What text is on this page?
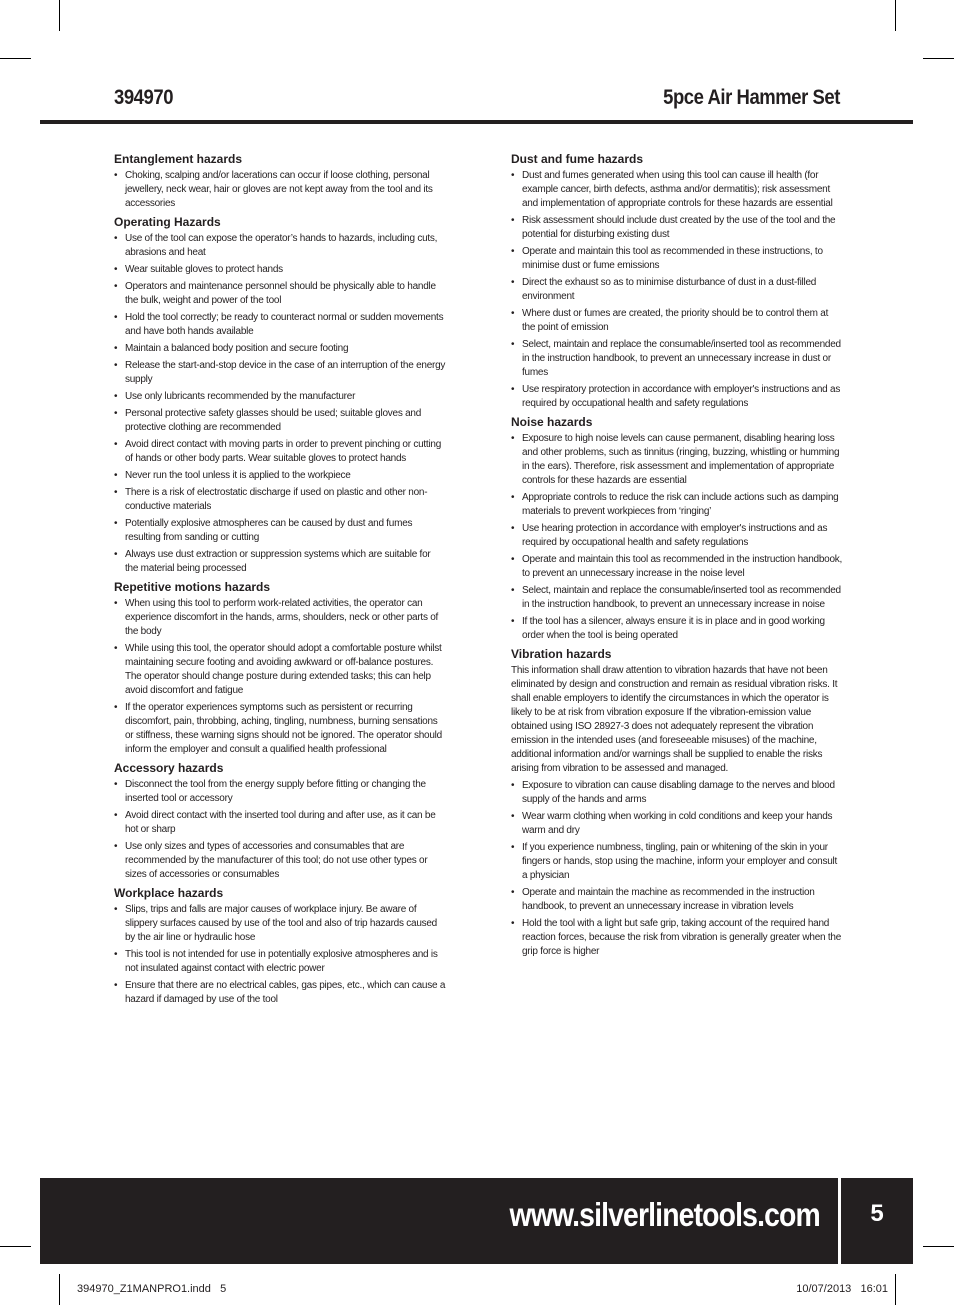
394970	5pce Air Hammer Set
Entanglement hazards
• Choking, scalping and/or lacerations can occur if loose clothing, personal jewellery, neck wear, hair or gloves are not kept away from the tool and its accessories
Operating Hazards
• Use of the tool can expose the operator’s hands to hazards, including cuts, abrasions and heat
• Wear suitable gloves to protect hands
• Operators and maintenance personnel should be physically able to handle the bulk, weight and power of the tool
• Hold the tool correctly; be ready to counteract normal or sudden movements and have both hands available
• Maintain a balanced body position and secure footing
• Release the start-and-stop device in the case of an interruption of the energy supply
• Use only lubricants recommended by the manufacturer
• Personal protective safety glasses should be used; suitable gloves and protective clothing are recommended
• Avoid direct contact with moving parts in order to prevent pinching or cutting of hands or other body parts. Wear suitable gloves to protect hands
• Never run the tool unless it is applied to the workpiece
• There is a risk of electrostatic discharge if used on plastic and other non-conductive materials
• Potentially explosive atmospheres can be caused by dust and fumes resulting from sanding or cutting
• Always use dust extraction or suppression systems which are suitable for the material being processed
Repetitive motions hazards
• When using this tool to perform work-related activities, the operator can experience discomfort in the hands, arms, shoulders, neck or other parts of the body
• While using this tool, the operator should adopt a comfortable posture whilst maintaining secure footing and avoiding awkward or off-balance postures. The operator should change posture during extended tasks; this can help avoid discomfort and fatigue
• If the operator experiences symptoms such as persistent or recurring discomfort, pain, throbbing, aching, tingling, numbness, burning sensations or stiffness, these warning signs should not be ignored. The operator should inform the employer and consult a qualified health professional
Accessory hazards
• Disconnect the tool from the energy supply before fitting or changing the inserted tool or accessory
• Avoid direct contact with the inserted tool during and after use, as it can be hot or sharp
• Use only sizes and types of accessories and consumables that are recommended by the manufacturer of this tool; do not use other types or sizes of accessories or consumables
Workplace hazards
• Slips, trips and falls are major causes of workplace injury. Be aware of slippery surfaces caused by use of the tool and also of trip hazards caused by the air line or hydraulic hose
• This tool is not intended for use in potentially explosive atmospheres and is not insulated against contact with electric power
• Ensure that there are no electrical cables, gas pipes, etc., which can cause a hazard if damaged by use of the tool
Dust and fume hazards
• Dust and fumes generated when using this tool can cause ill health (for example cancer, birth defects, asthma and/or dermatitis); risk assessment and implementation of appropriate controls for these hazards are essential
• Risk assessment should include dust created by the use of the tool and the potential for disturbing existing dust
• Operate and maintain this tool as recommended in these instructions, to minimise dust or fume emissions
• Direct the exhaust so as to minimise disturbance of dust in a dust-filled environment
• Where dust or fumes are created, the priority should be to control them at the point of emission
• Select, maintain and replace the consumable/inserted tool as recommended in the instruction handbook, to prevent an unnecessary increase in dust or fumes
• Use respiratory protection in accordance with employer's instructions and as required by occupational health and safety regulations
Noise hazards
• Exposure to high noise levels can cause permanent, disabling hearing loss and other problems, such as tinnitus (ringing, buzzing, whistling or humming in the ears). Therefore, risk assessment and implementation of appropriate controls for these hazards are essential
• Appropriate controls to reduce the risk can include actions such as damping materials to prevent workpieces from ‘ringing’
• Use hearing protection in accordance with employer's instructions and as required by occupational health and safety regulations
• Operate and maintain this tool as recommended in the instruction handbook, to prevent an unnecessary increase in the noise level
• Select, maintain and replace the consumable/inserted tool as recommended in the instruction handbook, to prevent an unnecessary increase in noise
• If the tool has a silencer, always ensure it is in place and in good working order when the tool is being operated
Vibration hazards
This information shall draw attention to vibration hazards that have not been eliminated by design and construction and remain as residual vibration risks. It shall enable employers to identify the circumstances in which the operator is likely to be at risk from vibration exposure If the vibration-emission value obtained using ISO 28927-3 does not adequately represent the vibration emission in the intended uses (and foreseeable misuses) of the machine, additional information and/or warnings shall be supplied to enable the risks arising from vibration to be assessed and managed.
• Exposure to vibration can cause disabling damage to the nerves and blood supply of the hands and arms
• Wear warm clothing when working in cold conditions and keep your hands warm and dry
• If you experience numbness, tingling, pain or whitening of the skin in your fingers or hands, stop using the machine, inform your employer and consult a physician
• Operate and maintain the machine as recommended in the instruction handbook, to prevent an unnecessary increase in vibration levels
• Hold the tool with a light but safe grip, taking account of the required hand reaction forces, because the risk from vibration is generally greater when the grip force is higher
www.silverlinetools.com	5
394970_Z1MANPRO1.indd   5	10/07/2013   16:01
